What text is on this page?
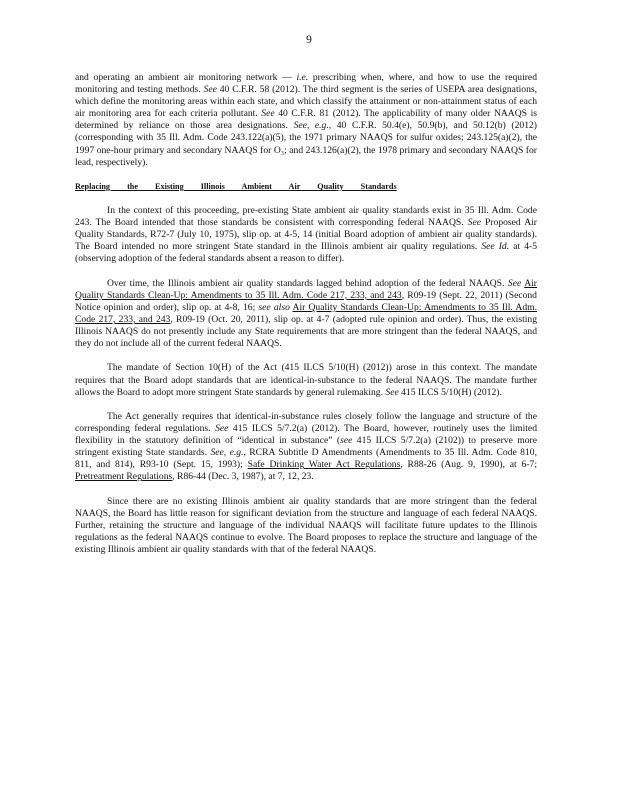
9

and operating an ambient air monitoring network — i.e. prescribing when, where, and how to use the required monitoring and testing methods. See 40 C.F.R. 58 (2012). The third segment is the series of USEPA area designations, which define the monitoring areas within each state, and which classify the attainment or non-attainment status of each air monitoring area for each criteria pollutant. See 40 C.F.R. 81 (2012). The applicability of many older NAAQS is determined by reliance on those area designations. See, e.g., 40 C.F.R. 50.4(e), 50.9(b), and 50.12(b) (2012) (corresponding with 35 Ill. Adm. Code 243.122(a)(5), the 1971 primary NAAQS for sulfur oxides; 243.125(a)(2), the 1997 one-hour primary and secondary NAAQS for O₃; and 243.126(a)(2), the 1978 primary and secondary NAAQS for lead, respectively).

Replacing the Existing Illinois Ambient Air Quality Standards

In the context of this proceeding, pre-existing State ambient air quality standards exist in 35 Ill. Adm. Code 243. The Board intended that those standards be consistent with corresponding federal NAAQS. See Proposed Air Quality Standards, R72-7 (July 10, 1975), slip op. at 4-5, 14 (initial Board adoption of ambient air quality standards). The Board intended no more stringent State standard in the Illinois ambient air quality regulations. See Id. at 4-5 (observing adoption of the federal standards absent a reason to differ).

Over time, the Illinois ambient air quality standards lagged behind adoption of the federal NAAQS. See Air Quality Standards Clean-Up: Amendments to 35 Ill. Adm. Code 217, 233, and 243, R09-19 (Sept. 22, 2011) (Second Notice opinion and order), slip op. at 4-8, 16; see also Air Quality Standards Clean-Up: Amendments to 35 Ill. Adm. Code 217, 233, and 243, R09-19 (Oct. 20, 2011), slip op. at 4-7 (adopted rule opinion and order). Thus, the existing Illinois NAAQS do not presently include any State requirements that are more stringent than the federal NAAQS, and they do not include all of the current federal NAAQS.

The mandate of Section 10(H) of the Act (415 ILCS 5/10(H) (2012)) arose in this context. The mandate requires that the Board adopt standards that are identical-in-substance to the federal NAAQS. The mandate further allows the Board to adopt more stringent State standards by general rulemaking. See 415 ILCS 5/10(H) (2012).

The Act generally requires that identical-in-substance rules closely follow the language and structure of the corresponding federal regulations. See 415 ILCS 5/7.2(a) (2012). The Board, however, routinely uses the limited flexibility in the statutory definition of “identical in substance” (see 415 ILCS 5/7.2(a) (2102)) to preserve more stringent existing State standards. See, e.g., RCRA Subtitle D Amendments (Amendments to 35 Ill. Adm. Code 810, 811, and 814), R93-10 (Sept. 15, 1993); Safe Drinking Water Act Regulations, R88-26 (Aug. 9, 1990), at 6-7; Pretreatment Regulations, R86-44 (Dec. 3, 1987), at 7, 12, 23.

Since there are no existing Illinois ambient air quality standards that are more stringent than the federal NAAQS, the Board has little reason for significant deviation from the structure and language of each federal NAAQS. Further, retaining the structure and language of the individual NAAQS will facilitate future updates to the Illinois regulations as the federal NAAQS continue to evolve. The Board proposes to replace the structure and language of the existing Illinois ambient air quality standards with that of the federal NAAQS.
